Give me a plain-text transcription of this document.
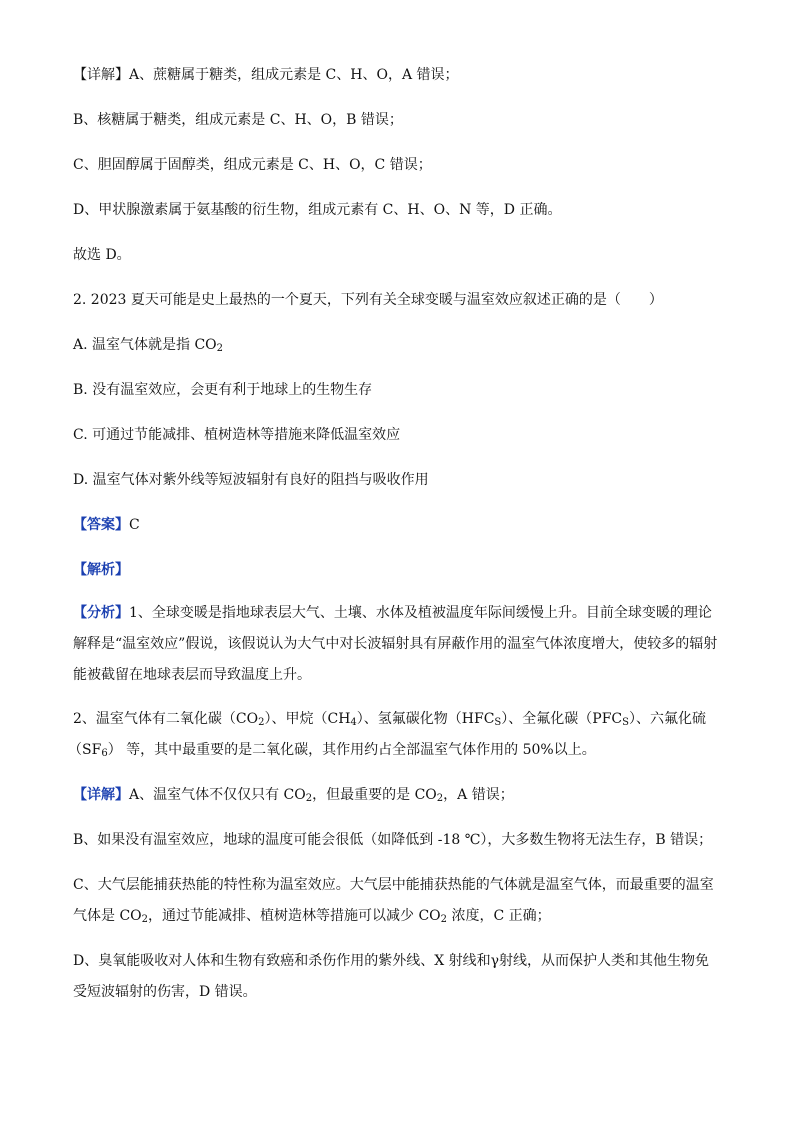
【详解】A、蔗糖属于糖类，组成元素是 C、H、O，A 错误；
B、核糖属于糖类，组成元素是 C、H、O，B 错误；
C、胆固醇属于固醇类，组成元素是 C、H、O，C 错误；
D、甲状腺激素属于氨基酸的衍生物，组成元素有 C、H、O、N 等，D 正确。
故选 D。
2. 2023 夏天可能是史上最热的一个夏天，下列有关全球变暖与温室效应叙述正确的是（　　）
A. 温室气体就是指 $CO_2$
B. 没有温室效应，会更有利于地球上的生物生存
C. 可通过节能减排、植树造林等措施来降低温室效应
D. 温室气体对紫外线等短波辐射有良好的阻挡与吸收作用
【答案】C
【解析】
【分析】1、全球变暖是指地球表层大气、土壤、水体及植被温度年际间缓慢上升。目前全球变暖的理论解释是“温室效应”假说，该假说认为大气中对长波辐射具有屏蔽作用的温室气体浓度增大，使较多的辐射能被截留在地球表层而导致温度上升。
2、温室气体有二氧化碳$(CO_2)$、甲烷$(CH_4)$、氢氟碳化物$(HFC_S)$、全氟化碳$(PFC_S)$、六氟化硫
$(SF_6)$ 等，其中最重要的是二氧化碳，其作用约占全部温室气体作用的 50%以上。
【详解】A、温室气体不仅仅只有 $CO_2$，但最重要的是 $CO_2$，A 错误；
B、如果没有温室效应，地球的温度可能会很低（如降低到 -18 ℃），大多数生物将无法生存，B 错误；
C、大气层能捕获热能的特性称为温室效应。大气层中能捕获热能的气体就是温室气体，而最重要的温室
气体是 $CO_2$，通过节能减排、植树造林等措施可以减少 $CO_2$ 浓度，C 正确；
D、臭氧能吸收对人体和生物有致癌和杀伤作用的紫外线、X 射线和γ射线，从而保护人类和其他生物免
受短波辐射的伤害，D 错误。
